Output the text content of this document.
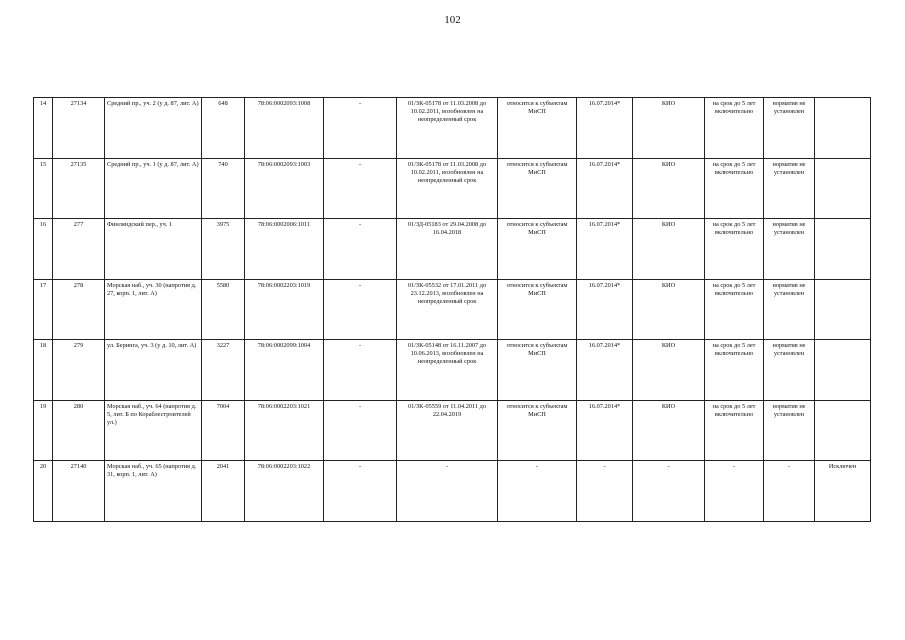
102
14	27134	Средний пр., уч. 2 (у д. 87, лит. А)	648	78:06:0002093:1008	-	01/ЗК-05178 от 11.03.2008 до 10.02.2011, возобновлен на неопределенный срок	относится к субъектам МиСП	16.07.2014*	КИО	на срок до 5 лет включительно	норматив не установлен	
15	27135	Средний пр., уч. 1 (у д. 87, лит. А)	740	78:06:0002093:1003	-	01/ЗК-05178 от 11.03.2008 до 10.02.2011, возобновлен на неопределенный срок	относится к субъектам МиСП	16.07.2014*	КИО	на срок до 5 лет включительно	норматив не установлен	
16	277	Финляндский пер., уч. 1	3975	78:06:0002006:1011	-	01/ЗД-05183 от 29.04.2008 до 16.04.2018	относится к субъектам МиСП	16.07.2014*	КИО	на срок до 5 лет включительно	норматив не установлен	
17	278	Морская наб., уч. 30 (напротив д. 27, корп. 1, лит. А)	5580	78:06:0002203:1019	-	01/ЗК-05532 от 17.01.2011 до 23.12.2013, возобновлен на неопределенный срок	относится к субъектам МиСП	16.07.2014*	КИО	на срок до 5 лет включительно	норматив не установлен	
18	279	ул. Беринга, уч. 3 (у д. 10, лит. А)	3227	78:06:0002099:1004	-	01/ЗК-05148 от 16.11.2007 до 10.06.2013, возобновлен на неопределенный срок	относится к субъектам МиСП	16.07.2014*	КИО	на срок до 5 лет включительно	норматив не установлен	
19	280	Морская наб., уч. 64 (напротив д. 5, лит. Б по Кораблестроителей ул.)	7004	78:06:0002203:1021	-	01/ЗК-05559 от 11.04.2011 до 22.04.2019	относится к субъектам МиСП	16.07.2014*	КИО	на срок до 5 лет включительно	норматив не установлен	
20	27140	Морская наб., уч. 65 (напротив д. 31, корп. 1, лит. А)	2041	78:06:0002203:1022	-	-	-	-	-	-	-	Исключен
